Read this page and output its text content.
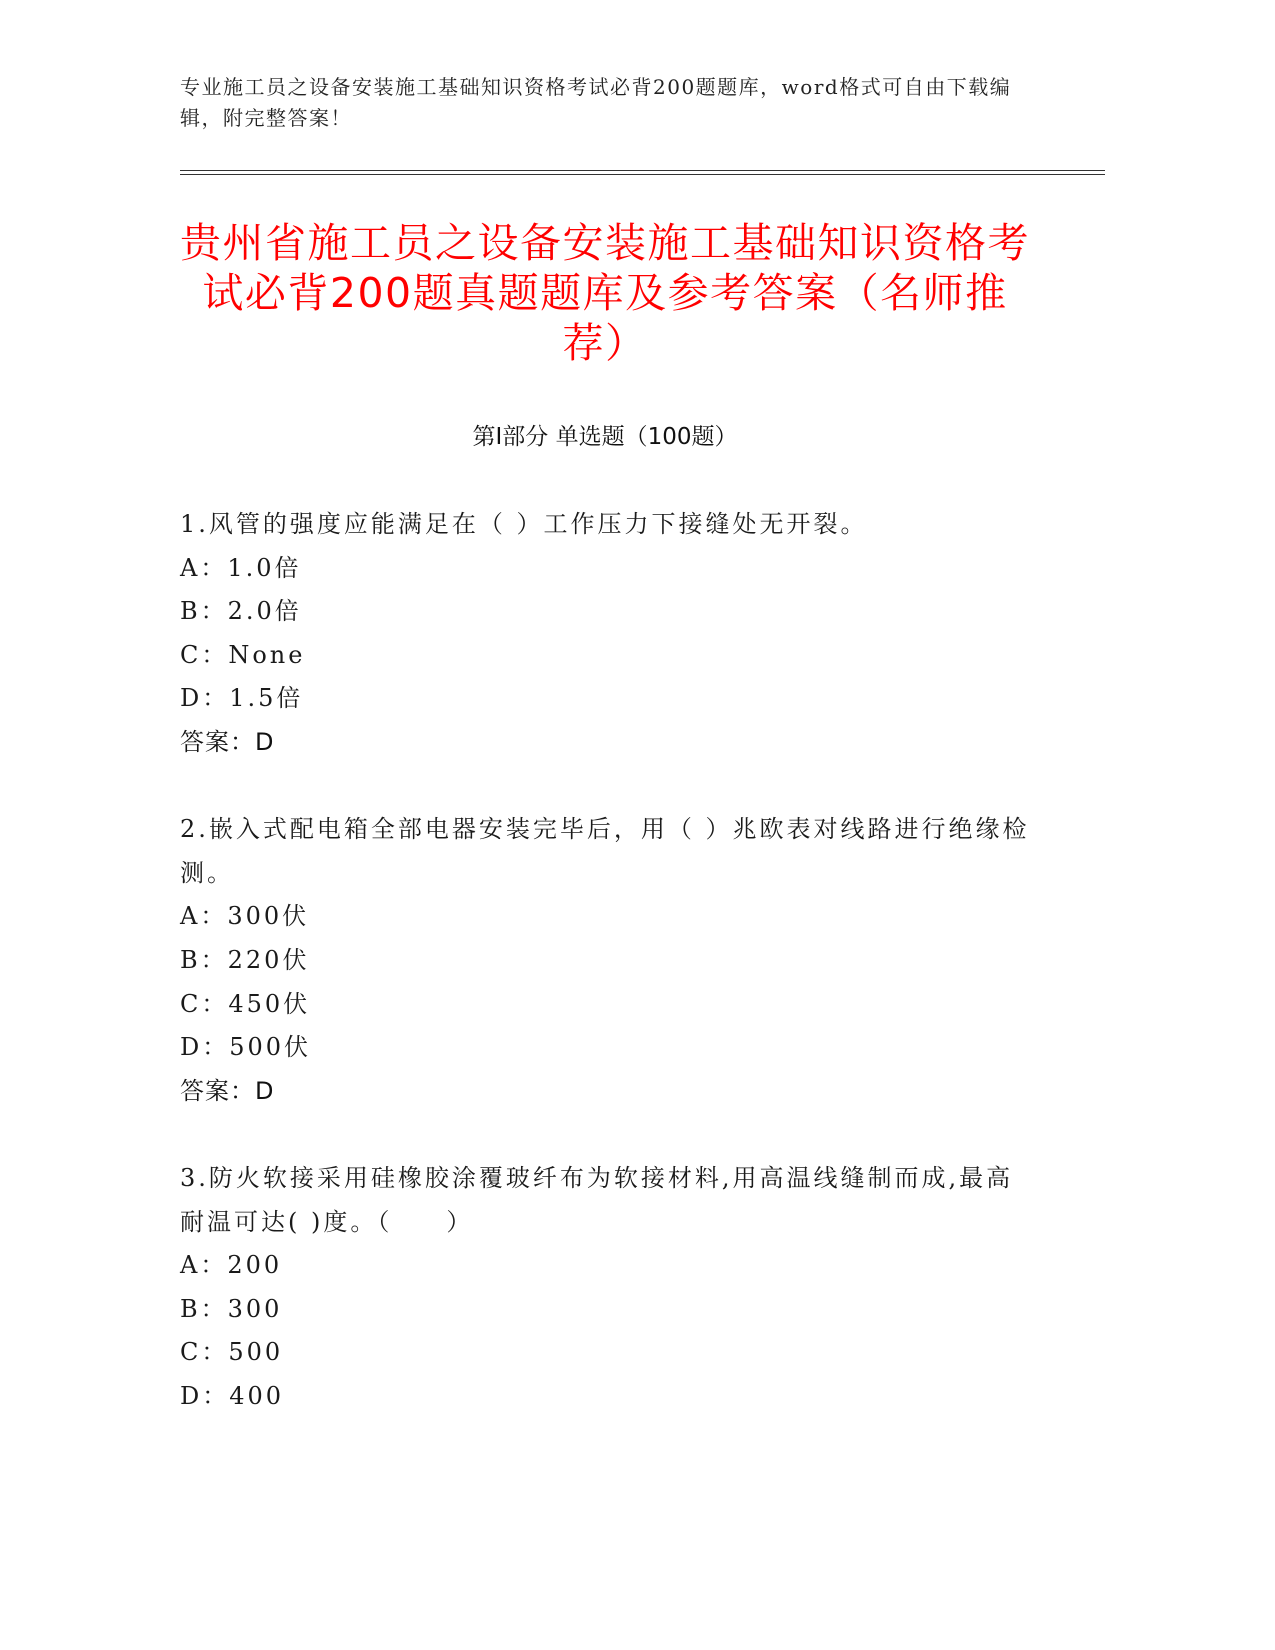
专业施工员之设备安装施工基础知识资格考试必背200题题库，word格式可自由下载编辑，附完整答案！
贵州省施工员之设备安装施工基础知识资格考试必背200题真题题库及参考答案（名师推荐）
第Ⅰ部分 单选题（100题）
1.风管的强度应能满足在（ ）工作压力下接缝处无开裂。
A：1.0倍
B：2.0倍
C：None
D：1.5倍
答案：D
2.嵌入式配电箱全部电器安装完毕后，用（ ）兆欧表对线路进行绝缘检测。
A：300伏
B：220伏
C：450伏
D：500伏
答案：D
3.防火软接采用硅橡胶涂覆玻纤布为软接材料,用高温线缝制而成,最高耐温可达( )度。（　　）
A：200
B：300
C：500
D：400
